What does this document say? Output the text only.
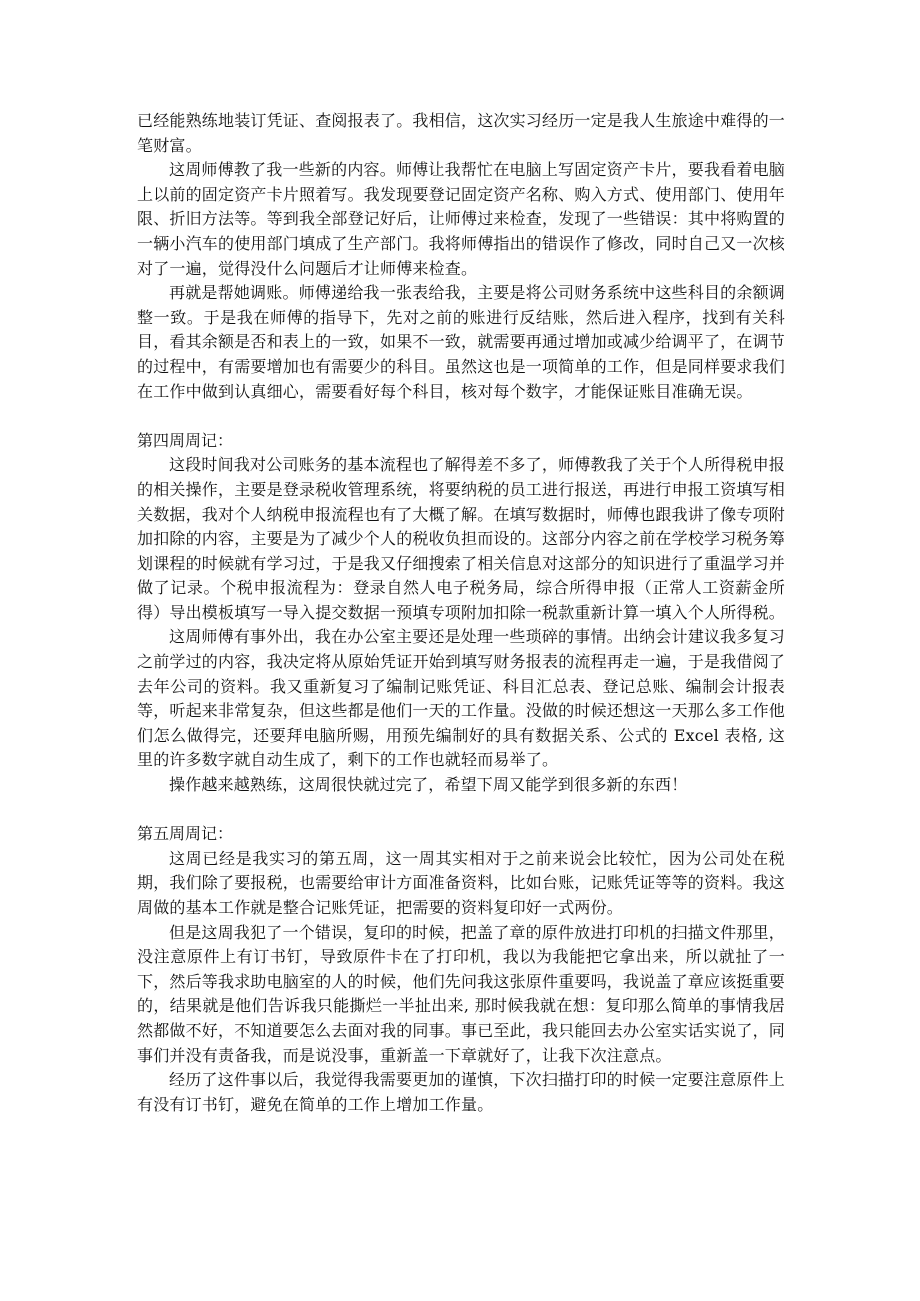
已经能熟练地装订凭证、查阅报表了。我相信，这次实习经历一定是我人生旅途中难得的一笔财富。

这周师傅教了我一些新的内容。师傅让我帮忙在电脑上写固定资产卡片，要我看着电脑上以前的固定资产卡片照着写。我发现要登记固定资产名称、购入方式、使用部门、使用年限、折旧方法等。等到我全部登记好后，让师傅过来检查，发现了一些错误：其中将购置的一辆小汽车的使用部门填成了生产部门。我将师傅指出的错误作了修改，同时自己又一次核对了一遍，觉得没什么问题后才让师傅来检查。

再就是帮她调账。师傅递给我一张表给我，主要是将公司财务系统中这些科目的余额调整一致。于是我在师傅的指导下，先对之前的账进行反结账，然后进入程序，找到有关科目，看其余额是否和表上的一致，如果不一致，就需要再通过增加或减少给调平了，在调节的过程中，有需要增加也有需要少的科目。虽然这也是一项简单的工作，但是同样要求我们在工作中做到认真细心，需要看好每个科目，核对每个数字，才能保证账目准确无误。

第四周周记：

这段时间我对公司账务的基本流程也了解得差不多了，师傅教我了关于个人所得税申报的相关操作，主要是登录税收管理系统，将要纳税的员工进行报送，再进行申报工资填写相关数据，我对个人纳税申报流程也有了大概了解。在填写数据时，师傅也跟我讲了像专项附加扣除的内容，主要是为了减少个人的税收负担而设的。这部分内容之前在学校学习税务筹划课程的时候就有学习过，于是我又仔细搜索了相关信息对这部分的知识进行了重温学习并做了记录。个税申报流程为：登录自然人电子税务局，综合所得申报（正常人工资薪金所得）导出模板填写一导入提交数据一预填专项附加扣除一税款重新计算一填入个人所得税。

这周师傅有事外出，我在办公室主要还是处理一些琐碎的事情。出纳会计建议我多复习之前学过的内容，我决定将从原始凭证开始到填写财务报表的流程再走一遍，于是我借阅了去年公司的资料。我又重新复习了编制记账凭证、科目汇总表、登记总账、编制会计报表等，听起来非常复杂，但这些都是他们一天的工作量。没做的时候还想这一天那么多工作他们怎么做得完，还要拜电脑所赐，用预先编制好的具有数据关系、公式的 Excel 表格, 这里的许多数字就自动生成了，剩下的工作也就轻而易举了。

操作越来越熟练，这周很快就过完了，希望下周又能学到很多新的东西！

第五周周记：

这周已经是我实习的第五周，这一周其实相对于之前来说会比较忙，因为公司处在税期，我们除了要报税，也需要给审计方面准备资料，比如台账，记账凭证等等的资料。我这周做的基本工作就是整合记账凭证，把需要的资料复印好一式两份。

但是这周我犯了一个错误，复印的时候，把盖了章的原件放进打印机的扫描文件那里，没注意原件上有订书钉，导致原件卡在了打印机，我以为我能把它拿出来，所以就扯了一下，然后等我求助电脑室的人的时候，他们先问我这张原件重要吗，我说盖了章应该挺重要的，结果就是他们告诉我只能撕烂一半扯出来, 那时候我就在想：复印那么简单的事情我居然都做不好，不知道要怎么去面对我的同事。事已至此，我只能回去办公室实话实说了，同事们并没有责备我，而是说没事，重新盖一下章就好了，让我下次注意点。

经历了这件事以后，我觉得我需要更加的谨慎，下次扫描打印的时候一定要注意原件上有没有订书钉，避免在简单的工作上增加工作量。
